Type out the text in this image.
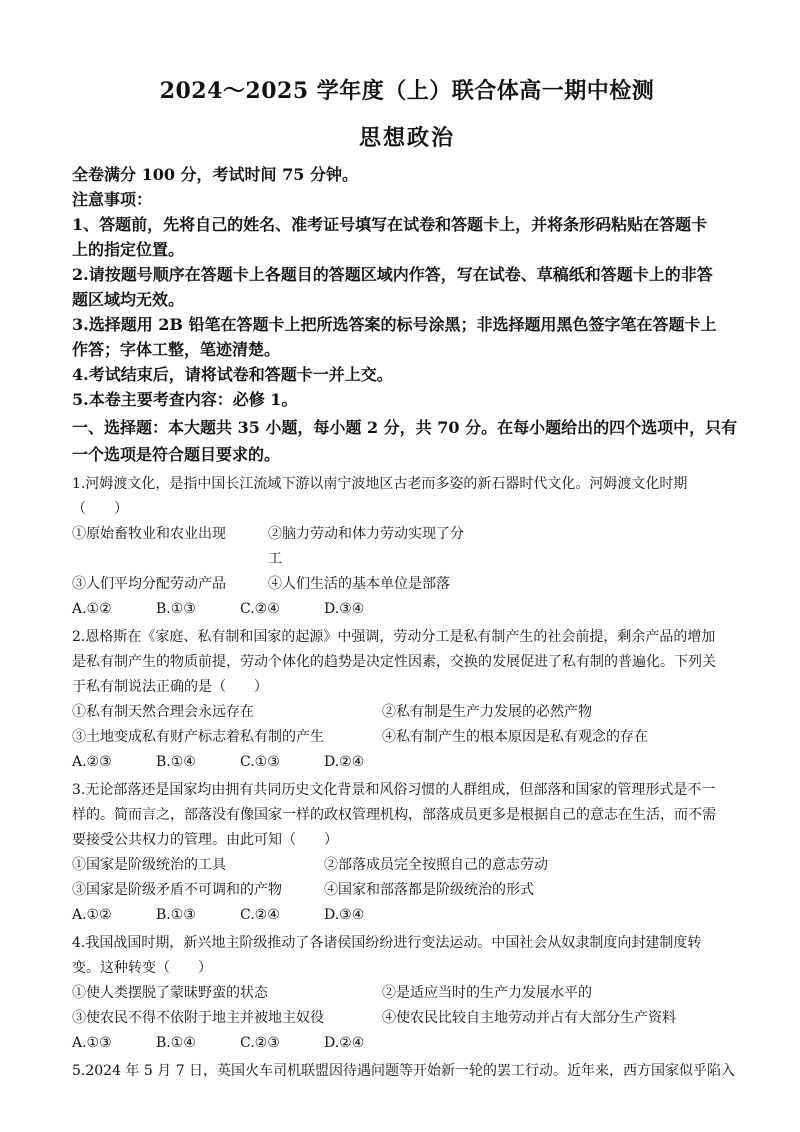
2024～2025 学年度（上）联合体高一期中检测
思想政治

全卷满分 100 分，考试时间 75 分钟。

注意事项：

1、答题前，先将自己的姓名、准考证号填写在试卷和答题卡上，并将条形码粘贴在答题卡

上的指定位置。

2.请按题号顺序在答题卡上各题目的答题区域内作答，写在试卷、草稿纸和答题卡上的非答

题区域均无效。

3.选择题用 2B 铅笔在答题卡上把所选答案的标号涂黑；非选择题用黑色签字笔在答题卡上

作答；字体工整，笔迹清楚。

4.考试结束后，请将试卷和答题卡一并上交。

5.本卷主要考查内容：必修 1。

一、选择题：本大题共 35 小题，每小题 2 分，共 70 分。在每小题给出的四个选项中，只有

一个选项是符合题目要求的。

1.河姆渡文化，是指中国长江流域下游以南宁波地区古老而多姿的新石器时代文化。河姆渡文化时期

（　　）

①原始畜牧业和农业出现	②脑力劳动和体力劳动实现了分工
③人们平均分配劳动产品	④人们生活的基本单位是部落
A.①②	B.①③	C.②④	D.③④

2.恩格斯在《家庭、私有制和国家的起源》中强调，劳动分工是私有制产生的社会前提，剩余产品的增加

是私有制产生的物质前提，劳动个体化的趋势是决定性因素，交换的发展促进了私有制的普遍化。下列关

于私有制说法正确的是（　　）

①私有制天然合理会永远存在	②私有制是生产力发展的必然产物
③土地变成私有财产标志着私有制的产生	④私有制产生的根本原因是私有观念的存在
A.②③	B.①④	C.①③	D.②④

3.无论部落还是国家均由拥有共同历史文化背景和风俗习惯的人群组成，但部落和国家的管理形式是不一

样的。简而言之，部落没有像国家一样的政权管理机构，部落成员更多是根据自己的意志在生活，而不需

要接受公共权力的管理。由此可知（　　）

①国家是阶级统治的工具	②部落成员完全按照自己的意志劳动
③国家是阶级矛盾不可调和的产物	④国家和部落都是阶级统治的形式
A.①②	B.①③	C.②④	D.③④

4.我国战国时期，新兴地主阶级推动了各诸侯国纷纷进行变法运动。中国社会从奴隶制度向封建制度转

变。这种转变（　　）

①使人类摆脱了蒙昧野蛮的状态	②是适应当时的生产力发展水平的
③使农民不得不依附于地主并被地主奴役	④使农民比较自主地劳动并占有大部分生产资料
A.①③	B.①④	C.②③	D.②④

5.2024 年 5 月 7 日，英国火车司机联盟因待遇问题等开始新一轮的罢工行动。近年来，西方国家似乎陷入
